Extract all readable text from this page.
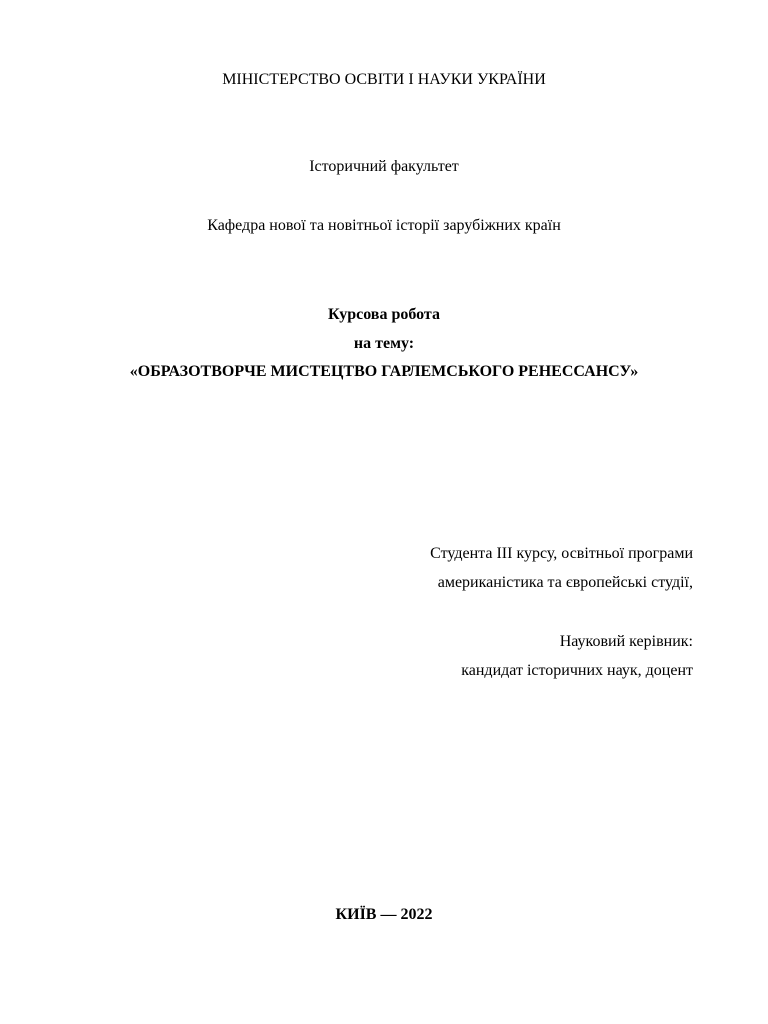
МІНІСТЕРСТВО ОСВІТИ І НАУКИ УКРАЇНИ
Історичний факультет
Кафедра нової та новітньої історії зарубіжних країн
Курсова робота
на тему:
«ОБРАЗОТВОРЧЕ МИСТЕЦТВО ГАРЛЕМСЬКОГО РЕНЕССАНСУ»
Студента ІІІ курсу, освітньої програми
американістика та європейські студії,
Науковий керівник:
кандидат історичних наук, доцент
КИЇВ — 2022
